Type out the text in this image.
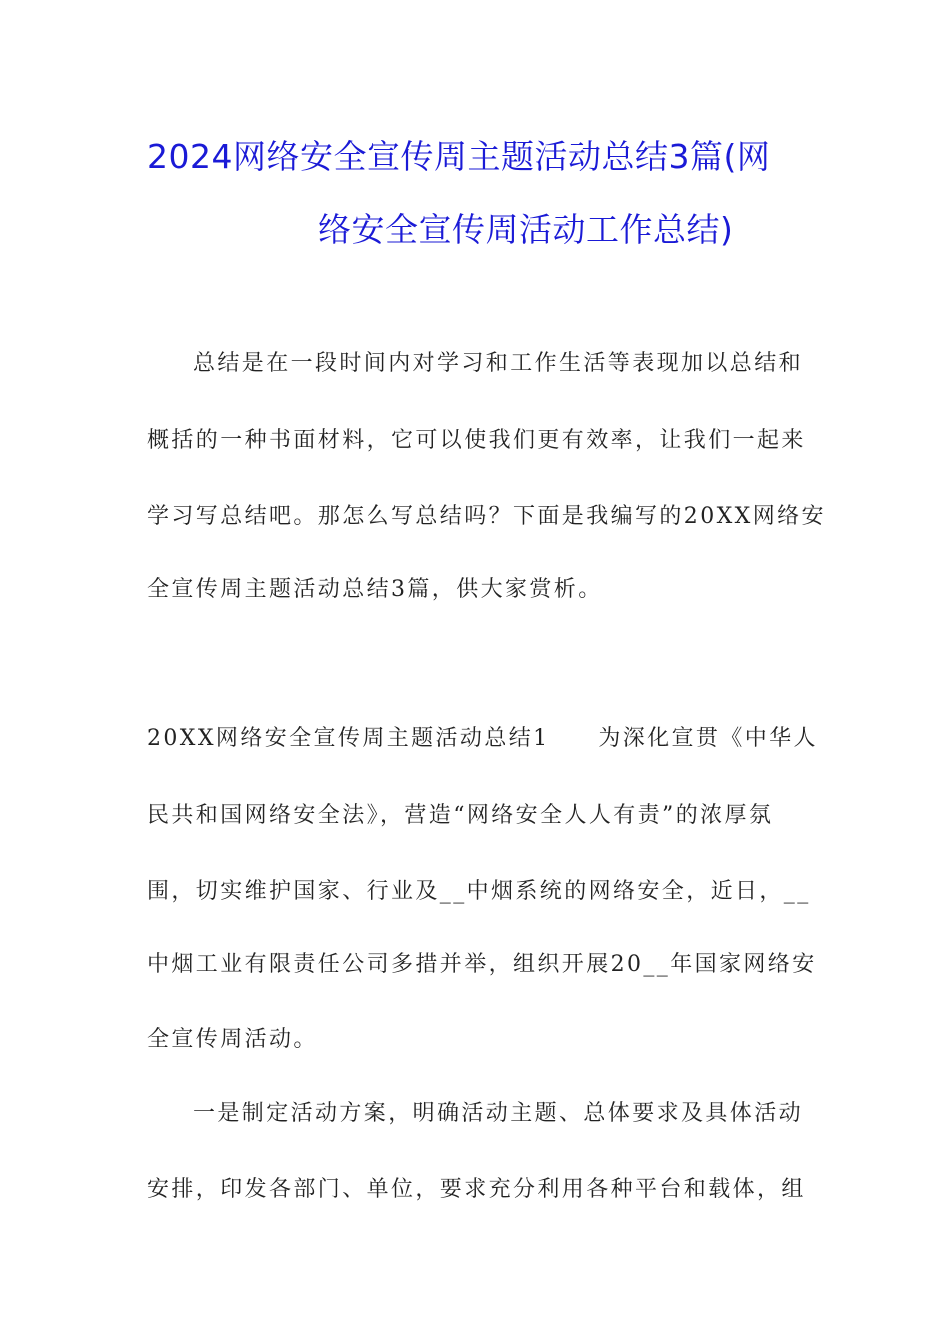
2024网络安全宣传周主题活动总结3篇(网
络安全宣传周活动工作总结)
总结是在一段时间内对学习和工作生活等表现加以总结和
概括的一种书面材料，它可以使我们更有效率，让我们一起来
学习写总结吧。那怎么写总结吗？下面是我编写的20XX网络安
全宣传周主题活动总结3篇，供大家赏析。
20XX网络安全宣传周主题活动总结1　　为深化宣贯《中华人
民共和国网络安全法》，营造“网络安全人人有责”的浓厚氛
围，切实维护国家、行业及__中烟系统的网络安全，近日，__
中烟工业有限责任公司多措并举，组织开展20__年国家网络安
全宣传周活动。
一是制定活动方案，明确活动主题、总体要求及具体活动
安排，印发各部门、单位，要求充分利用各种平台和载体，组
